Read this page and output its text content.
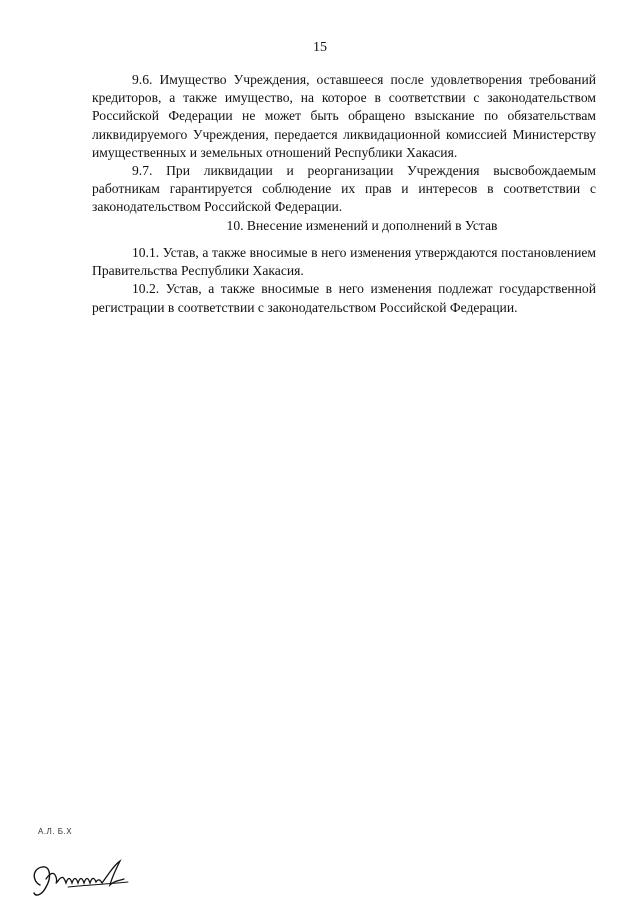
15

9.6. Имущество Учреждения, оставшееся после удовлетворения требований кредиторов, а также имущество, на которое в соответствии с законодательством Российской Федерации не может быть обращено взыскание по обязательствам ликвидируемого Учреждения, передается ликвидационной комиссией Министерству имущественных и земельных отношений Республики Хакасия.

9.7. При ликвидации и реорганизации Учреждения высвобождаемым работникам гарантируется соблюдение их прав и интересов в соответствии с законодательством Российской Федерации.

10. Внесение изменений и дополнений в Устав

10.1. Устав, а также вносимые в него изменения утверждаются постановлением Правительства Республики Хакасия.

10.2. Устав, а также вносимые в него изменения подлежат государственной регистрации в соответствии с законодательством Российской Федерации.

А.Л. Б.Х
